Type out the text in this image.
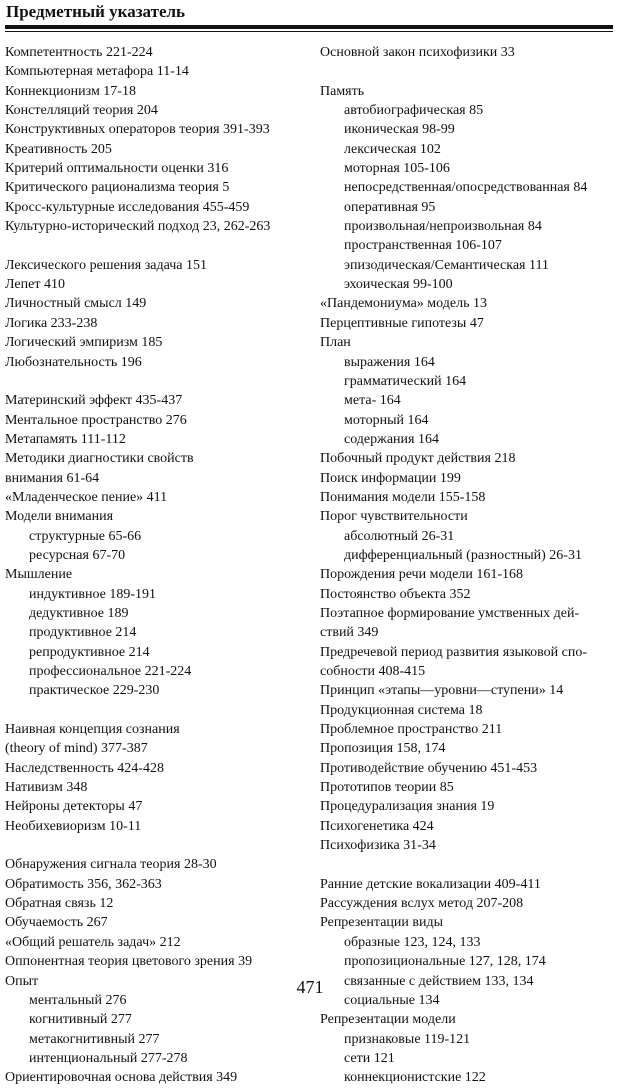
Предметный указатель
Компетентность 221-224
Компьютерная метафора 11-14
Коннекционизм 17-18
Констелляций теория 204
Конструктивных операторов теория 391-393
Креативность 205
Критерий оптимальности оценки 316
Критического рационализма теория 5
Кросс-культурные исследования 455-459
Культурно-исторический подход 23, 262-263
Лексического решения задача 151
Лепет 410
Личностный смысл 149
Логика 233-238
Логический эмпиризм 185
Любознательность 196
Материнский эффект 435-437
Ментальное пространство 276
Метапамять 111-112
Методики диагностики свойств
внимания 61-64
«Младенческое пение» 411
Модели внимания
структурные 65-66
ресурсная 67-70
Мышление
индуктивное 189-191
дедуктивное 189
продуктивное 214
репродуктивное 214
профессиональное 221-224
практическое 229-230
Наивная концепция сознания
(theory of mind) 377-387
Наследственность 424-428
Нативизм 348
Нейроны детекторы 47
Необихевиоризм 10-11
Обнаружения сигнала теория 28-30
Обратимость 356, 362-363
Обратная связь 12
Обучаемость 267
«Общий решатель задач» 212
Оппонентная теория цветового зрения 39
Опыт
ментальный 276
когнитивный 277
метакогнитивный 277
интенциональный 277-278
Ориентировочная основа действия 349
Основной закон психофизики 33
Память
автобиографическая 85
иконическая 98-99
лексическая 102
моторная 105-106
непосредственная/опосредствованная 84
оперативная 95
произвольная/непроизвольная 84
пространственная 106-107
эпизодическая/Семантическая 111
эхоическая 99-100
«Пандемониума» модель 13
Перцептивные гипотезы 47
План
выражения 164
грамматический 164
мета- 164
моторный 164
содержания 164
Побочный продукт действия 218
Поиск информации 199
Понимания модели 155-158
Порог чувствительности
абсолютный 26-31
дифференциальный (разностный) 26-31
Порождения речи модели 161-168
Постоянство объекта 352
Поэтапное формирование умственных дей-
ствий 349
Предречевой период развития языковой спо-
собности 408-415
Принцип «этапы—уровни—ступени» 14
Продукционная система 18
Проблемное пространство 211
Пропозиция 158, 174
Противодействие обучению 451-453
Прототипов теории 85
Процедурализация знания 19
Психогенетика 424
Психофизика 31-34
Ранние детские вокализации 409-411
Рассуждения вслух метод 207-208
Репрезентации виды
образные 123, 124, 133
пропозициональные 127, 128, 174
связанные с действием 133, 134
социальные 134
Репрезентации модели
признаковые 119-121
сети 121
коннекционистские 122
471
